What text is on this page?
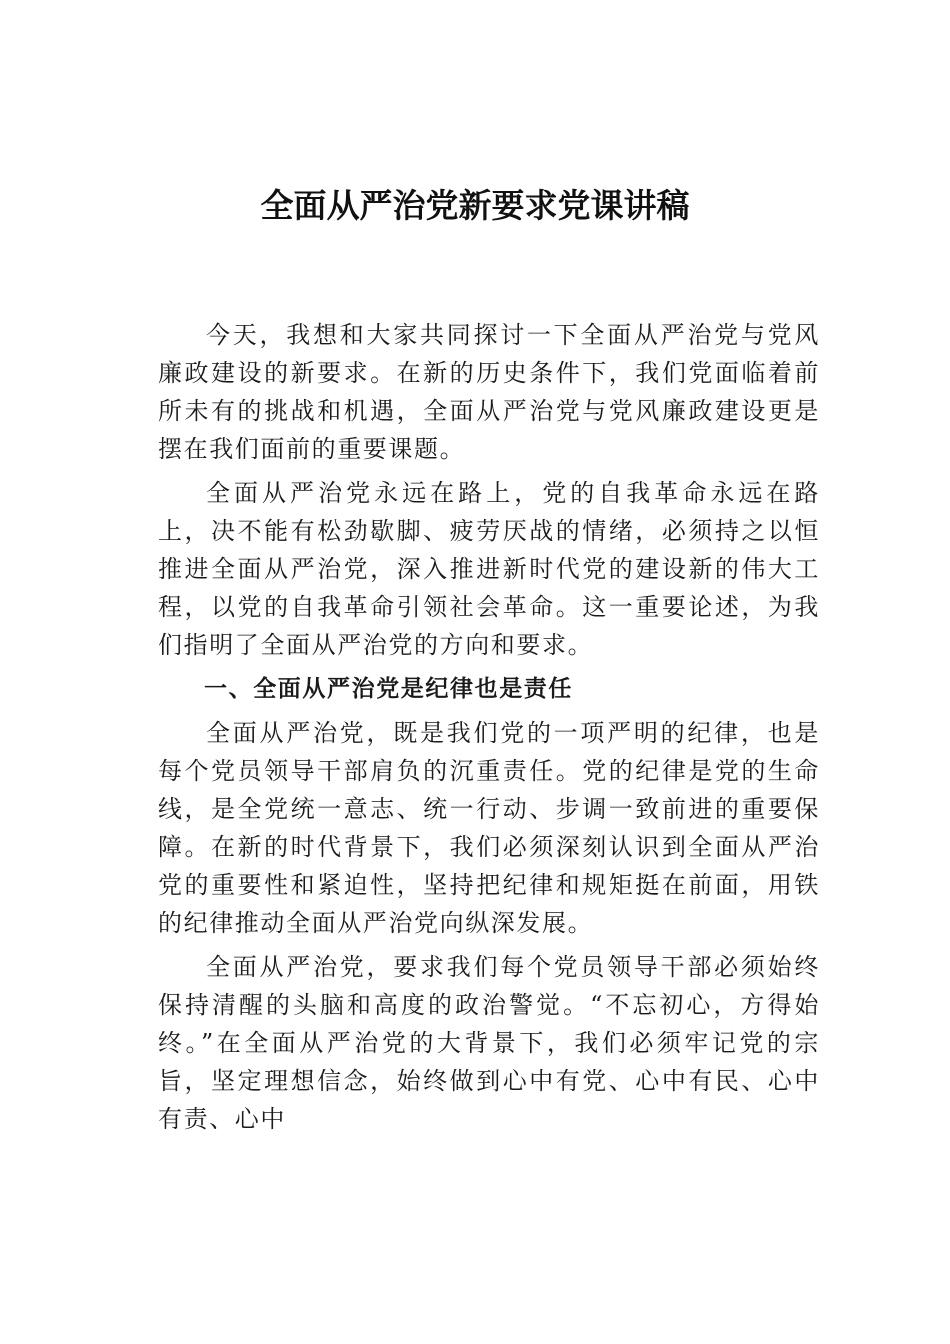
全面从严治党新要求党课讲稿

今天，我想和大家共同探讨一下全面从严治党与党风廉政建设的新要求。在新的历史条件下，我们党面临着前所未有的挑战和机遇，全面从严治党与党风廉政建设更是摆在我们面前的重要课题。

全面从严治党永远在路上，党的自我革命永远在路上，决不能有松劲歇脚、疲劳厌战的情绪，必须持之以恒推进全面从严治党，深入推进新时代党的建设新的伟大工程，以党的自我革命引领社会革命。这一重要论述，为我们指明了全面从严治党的方向和要求。

一、全面从严治党是纪律也是责任

全面从严治党，既是我们党的一项严明的纪律，也是每个党员领导干部肩负的沉重责任。党的纪律是党的生命线，是全党统一意志、统一行动、步调一致前进的重要保障。在新的时代背景下，我们必须深刻认识到全面从严治党的重要性和紧迫性，坚持把纪律和规矩挺在前面，用铁的纪律推动全面从严治党向纵深发展。

全面从严治党，要求我们每个党员领导干部必须始终保持清醒的头脑和高度的政治警觉。“不忘初心，方得始终。”在全面从严治党的大背景下，我们必须牢记党的宗旨，坚定理想信念，始终做到心中有党、心中有民、心中有责、心中
